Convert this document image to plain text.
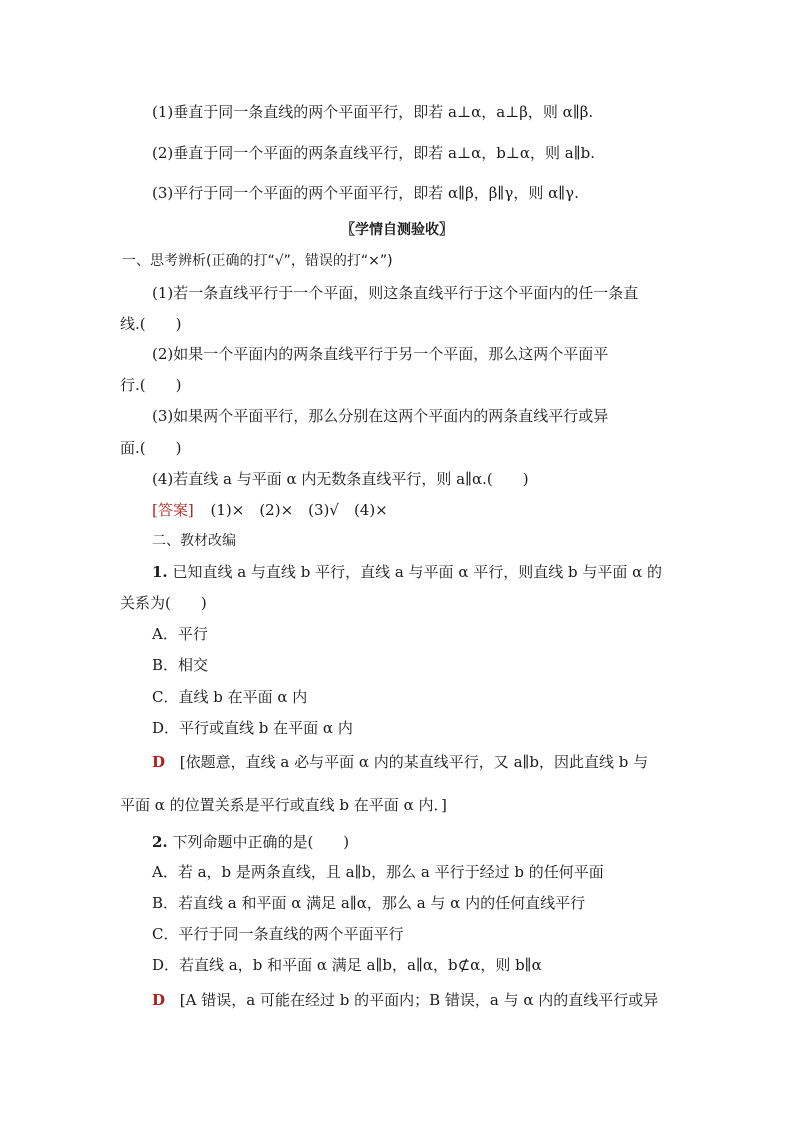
(1)垂直于同一条直线的两个平面平行，即若 a⊥α，a⊥β，则 α∥β.
(2)垂直于同一个平面的两条直线平行，即若 a⊥α，b⊥α，则 a∥b.
(3)平行于同一个平面的两个平面平行，即若 α∥β，β∥γ，则 α∥γ.
〖学情自测验收〗
一、思考辨析(正确的打“√”，错误的打“×”)
(1)若一条直线平行于一个平面，则这条直线平行于这个平面内的任一条直
线.(　　)
(2)如果一个平面内的两条直线平行于另一个平面，那么这两个平面平
行.(　　)
(3)如果两个平面平行，那么分别在这两个平面内的两条直线平行或异
面.(　　)
(4)若直线 a 与平面 α 内无数条直线平行，则 a∥α.(　　)
[答案] (1)×　(2)×　(3)√　(4)×
二、教材改编
1. 已知直线 a 与直线 b 平行，直线 a 与平面 α 平行，则直线 b 与平面 α 的
关系为(　　)
A．平行
B．相交
C．直线 b 在平面 α 内
D．平行或直线 b 在平面 α 内
D [依题意，直线 a 必与平面 α 内的某直线平行，又 a∥b，因此直线 b 与
平面 α 的位置关系是平行或直线 b 在平面 α 内．]
2. 下列命题中正确的是(　　)
A．若 a，b 是两条直线，且 a∥b，那么 a 平行于经过 b 的任何平面
B．若直线 a 和平面 α 满足 a∥α，那么 a 与 α 内的任何直线平行
C．平行于同一条直线的两个平面平行
D．若直线 a，b 和平面 α 满足 a∥b，a∥α，b⊄α，则 b∥α
D [A 错误，a 可能在经过 b 的平面内；B 错误，a 与 α 内的直线平行或异
